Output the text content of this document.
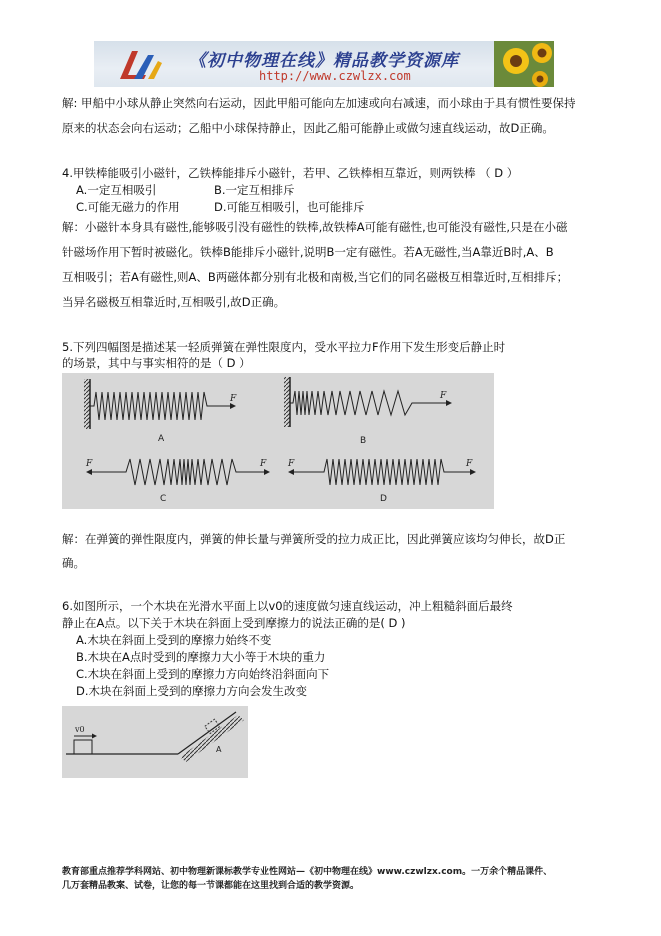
《初中物理在线》精品教学资源库
http://www.czwlzx.com
解: 甲船中小球从静止突然向右运动，因此甲船可能向左加速或向右减速，而小球由于具有惯性要保持
原来的状态会向右运动；乙船中小球保持静止，因此乙船可能静止或做匀速直线运动，故D正确。
4.甲铁棒能吸引小磁针，乙铁棒能排斥小磁针，若甲、乙铁棒相互靠近，则两铁棒 （ D ）
A.一定互相吸引	B.一定互相排斥
C.可能无磁力的作用	D.可能互相吸引，也可能排斥
解：小磁针本身具有磁性,能够吸引没有磁性的铁棒,故铁棒A可能有磁性,也可能没有磁性,只是在小磁
针磁场作用下暂时被磁化。铁棒B能排斥小磁针,说明B一定有磁性。若A无磁性,当A靠近B时,A、B
互相吸引；若A有磁性,则A、B两磁体都分别有北极和南极,当它们的同名磁极互相靠近时,互相排斥；
当异名磁极互相靠近时,互相吸引,故D正确。
5.下列四幅图是描述某一轻质弹簧在弹性限度内，受水平拉力F作用下发生形变后静止时
的场景，其中与事实相符的是（ D ）
F
A
F
B
F	F
C
F	F
D
解：在弹簧的弹性限度内，弹簧的伸长量与弹簧所受的拉力成正比，因此弹簧应该均匀伸长，故D正
确。
6.如图所示，一个木块在光滑水平面上以v0的速度做匀速直线运动，冲上粗糙斜面后最终
静止在A点。以下关于木块在斜面上受到摩擦力的说法正确的是( D )
A.木块在斜面上受到的摩擦力始终不变
B.木块在A点时受到的摩擦力大小等于木块的重力
C.木块在斜面上受到的摩擦力方向始终沿斜面向下
D.木块在斜面上受到的摩擦力方向会发生改变
v0
A
教育部重点推荐学科网站、初中物理新课标教学专业性网站—《初中物理在线》www.czwlzx.com。一万余个精品课件、
几万套精品教案、试卷，让您的每一节课都能在这里找到合适的教学资源。
